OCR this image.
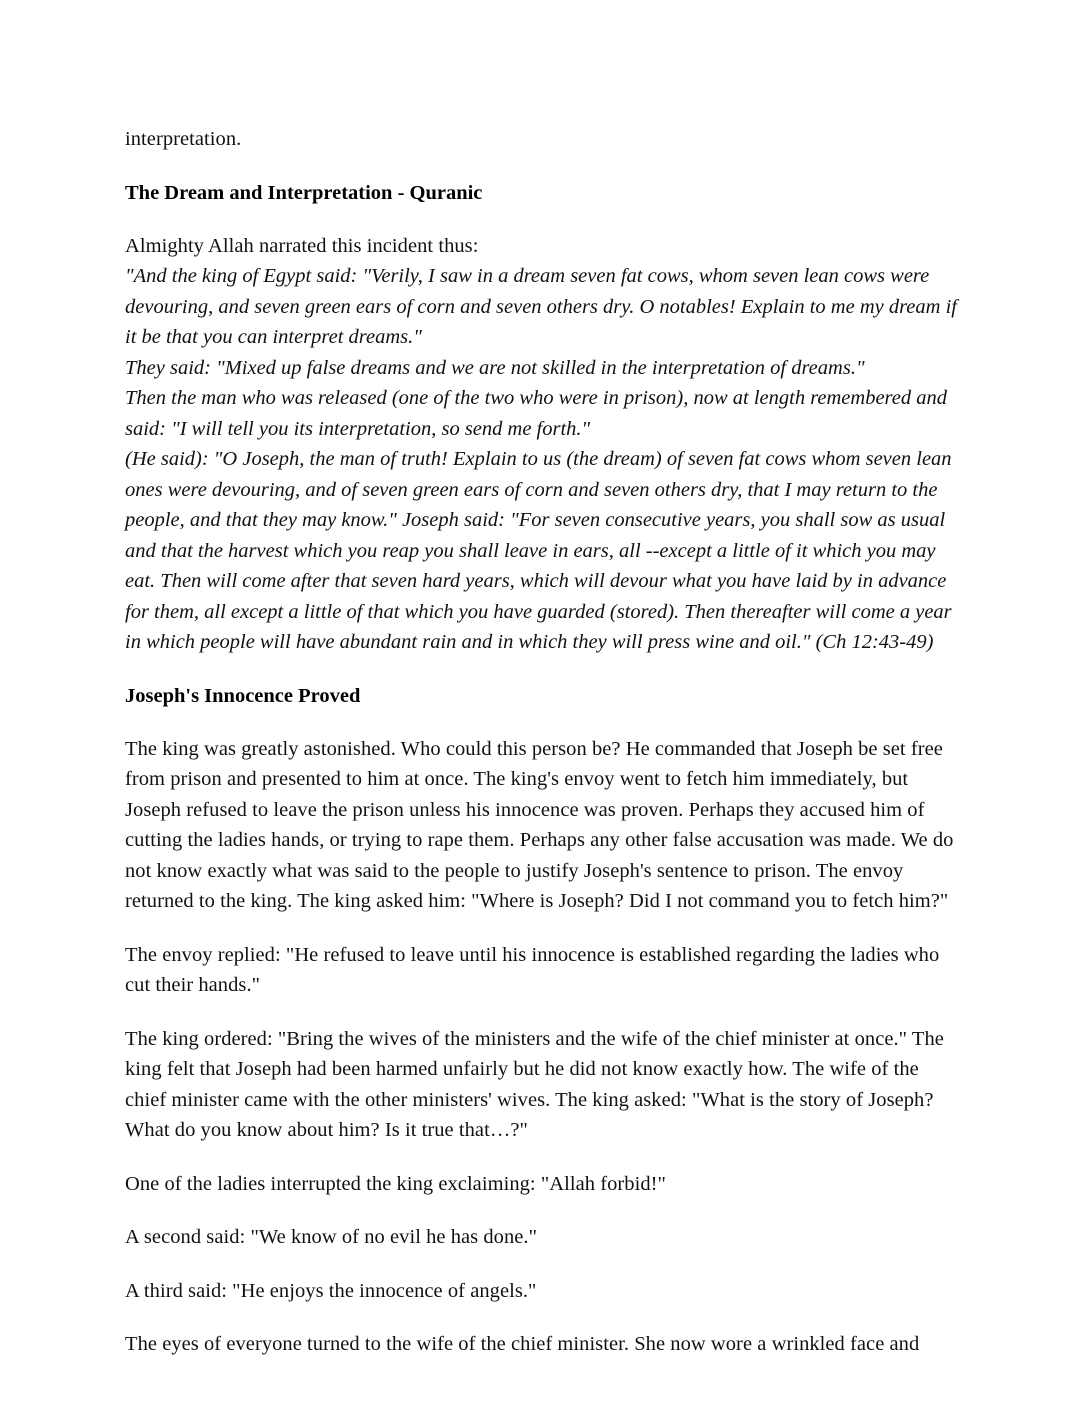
interpretation.

The Dream and Interpretation - Quranic

Almighty Allah narrated this incident thus:

"And the king of Egypt said: "Verily, I saw in a dream seven fat cows, whom seven lean cows were devouring, and seven green ears of corn and seven others dry. O notables! Explain to me my dream if it be that you can interpret dreams."

They said: "Mixed up false dreams and we are not skilled in the interpretation of dreams."

Then the man who was released (one of the two who were in prison), now at length remembered and said: "I will tell you its interpretation, so send me forth."

(He said): "O Joseph, the man of truth! Explain to us (the dream) of seven fat cows whom seven lean ones were devouring, and of seven green ears of corn and seven others dry, that I may return to the people, and that they may know." Joseph said: "For seven consecutive years, you shall sow as usual and that the harvest which you reap you shall leave in ears, all --except a little of it which you may eat. Then will come after that seven hard years, which will devour what you have laid by in advance for them, all except a little of that which you have guarded (stored). Then thereafter will come a year in which people will have abundant rain and in which they will press wine and oil." (Ch 12:43-49)

Joseph's Innocence Proved

The king was greatly astonished. Who could this person be? He commanded that Joseph be set free from prison and presented to him at once. The king's envoy went to fetch him immediately, but Joseph refused to leave the prison unless his innocence was proven. Perhaps they accused him of cutting the ladies hands, or trying to rape them. Perhaps any other false accusation was made. We do not know exactly what was said to the people to justify Joseph's sentence to prison. The envoy returned to the king. The king asked him: "Where is Joseph? Did I not command you to fetch him?"

The envoy replied: "He refused to leave until his innocence is established regarding the ladies who cut their hands."

The king ordered: "Bring the wives of the ministers and the wife of the chief minister at once." The king felt that Joseph had been harmed unfairly but he did not know exactly how. The wife of the chief minister came with the other ministers' wives. The king asked: "What is the story of Joseph? What do you know about him? Is it true that…?"

One of the ladies interrupted the king exclaiming: "Allah forbid!"

A second said: "We know of no evil he has done."

A third said: "He enjoys the innocence of angels."

The eyes of everyone turned to the wife of the chief minister. She now wore a wrinkled face and
